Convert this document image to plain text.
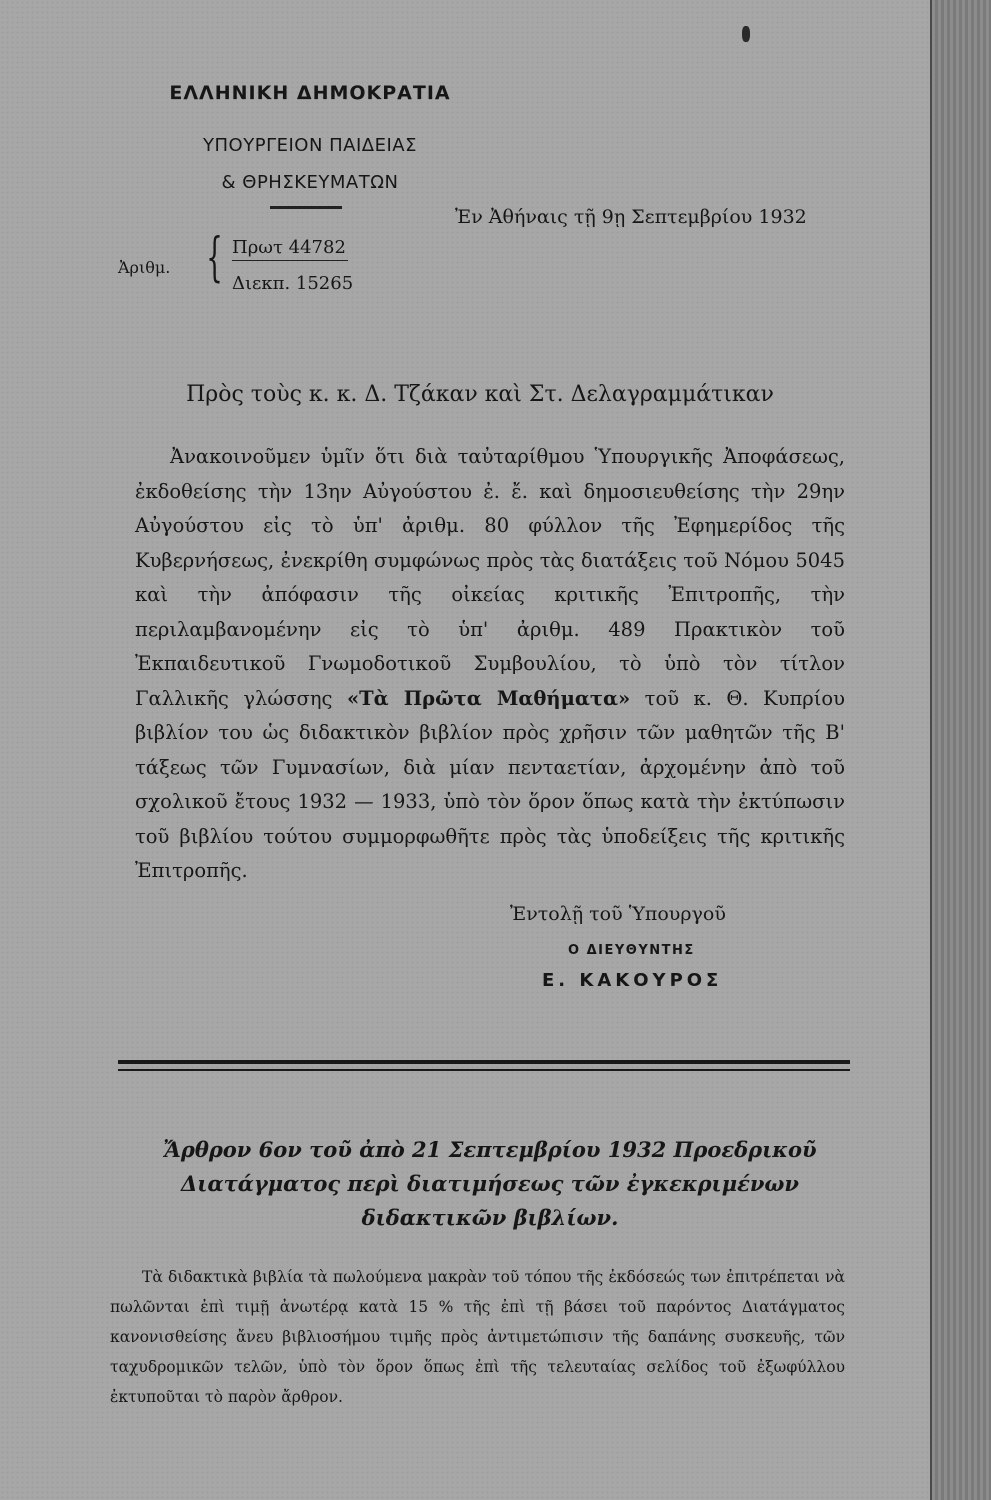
ΕΛΛΗΝΙΚΗ ΔΗΜΟΚΡΑΤΙΑ
ΥΠΟΥΡΓΕΙΟΝ ΠΑΙΔΕΙΑΣ
& ΘΡΗΣΚΕΥΜΑΤΩΝ
Ἐν Ἀθήναις τῇ 9ῃ Σεπτεμβρίου 1932
Ἀριθμ. { Πρωτ 44782
Διεκπ. 15265
Πρὸς τοὺς κ. κ. Δ. Τζάκαν καὶ Στ. Δελαγραμμάτικαν
Ἀνακοινοῦμεν ὑμῖν ὅτι διὰ ταὐταρίθμου Ὑπουργικῆς Ἀποφάσεως, ἐκδοθείσης τὴν 13ην Αὐγούστου ἐ. ἔ. καὶ δημοσιευθείσης τὴν 29ην Αὐγούστου εἰς τὸ ὑπ' ἀριθμ. 80 φύλλον τῆς Ἐφημερίδος τῆς Κυβερνήσεως, ἐνεκρίθη συμφώνως πρὸς τὰς διατάξεις τοῦ Νόμου 5045 καὶ τὴν ἀπόφασιν τῆς οἰκείας κριτικῆς Ἐπιτροπῆς, τὴν περιλαμβανομένην εἰς τὸ ὑπ' ἀριθμ. 489 Πρακτικὸν τοῦ Ἐκπαιδευτικοῦ Γνωμοδοτικοῦ Συμβουλίου, τὸ ὑπὸ τὸν τίτλον Γαλλικῆς γλώσσης «Τὰ Πρῶτα Μαθήματα» τοῦ κ. Θ. Κυπρίου βιβλίον του ὡς διδακτικὸν βιβλίον πρὸς χρῆσιν τῶν μαθητῶν τῆς Β' τάξεως τῶν Γυμνασίων, διὰ μίαν πενταετίαν, ἀρχομένην ἀπὸ τοῦ σχολικοῦ ἔτους 1932 — 1933, ὑπὸ τὸν ὅρον ὅπως κατὰ τὴν ἐκτύπωσιν τοῦ βιβλίου τούτου συμμορφωθῆτε πρὸς τὰς ὑποδείξεις τῆς κριτικῆς Ἐπιτροπῆς.
Ἐντολῇ τοῦ Ὑπουργοῦ
Ο ΔΙΕΥΘΥΝΤΗΣ
Ε. ΚΑΚΟΥΡΟΣ
Ἄρθρον 6ον τοῦ ἀπὸ 21 Σεπτεμβρίου 1932 Προεδρικοῦ Διατάγματος περὶ διατιμήσεως τῶν ἐγκεκριμένων διδακτικῶν βιβλίων.
Τὰ διδακτικὰ βιβλία τὰ πωλούμενα μακρὰν τοῦ τόπου τῆς ἐκδόσεώς των ἐπιτρέπεται νὰ πωλῶνται ἐπὶ τιμῇ ἀνωτέρᾳ κατὰ 15 % τῆς ἐπὶ τῇ βάσει τοῦ παρόντος Διατάγματος κανονισθείσης ἄνευ βιβλιοσήμου τιμῆς πρὸς ἀντιμετώπισιν τῆς δαπάνης συσκευῆς, τῶν ταχυδρομικῶν τελῶν, ὑπὸ τὸν ὅρον ὅπως ἐπὶ τῆς τελευταίας σελίδος τοῦ ἐξωφύλλου ἐκτυποῦται τὸ παρὸν ἄρθρον.
